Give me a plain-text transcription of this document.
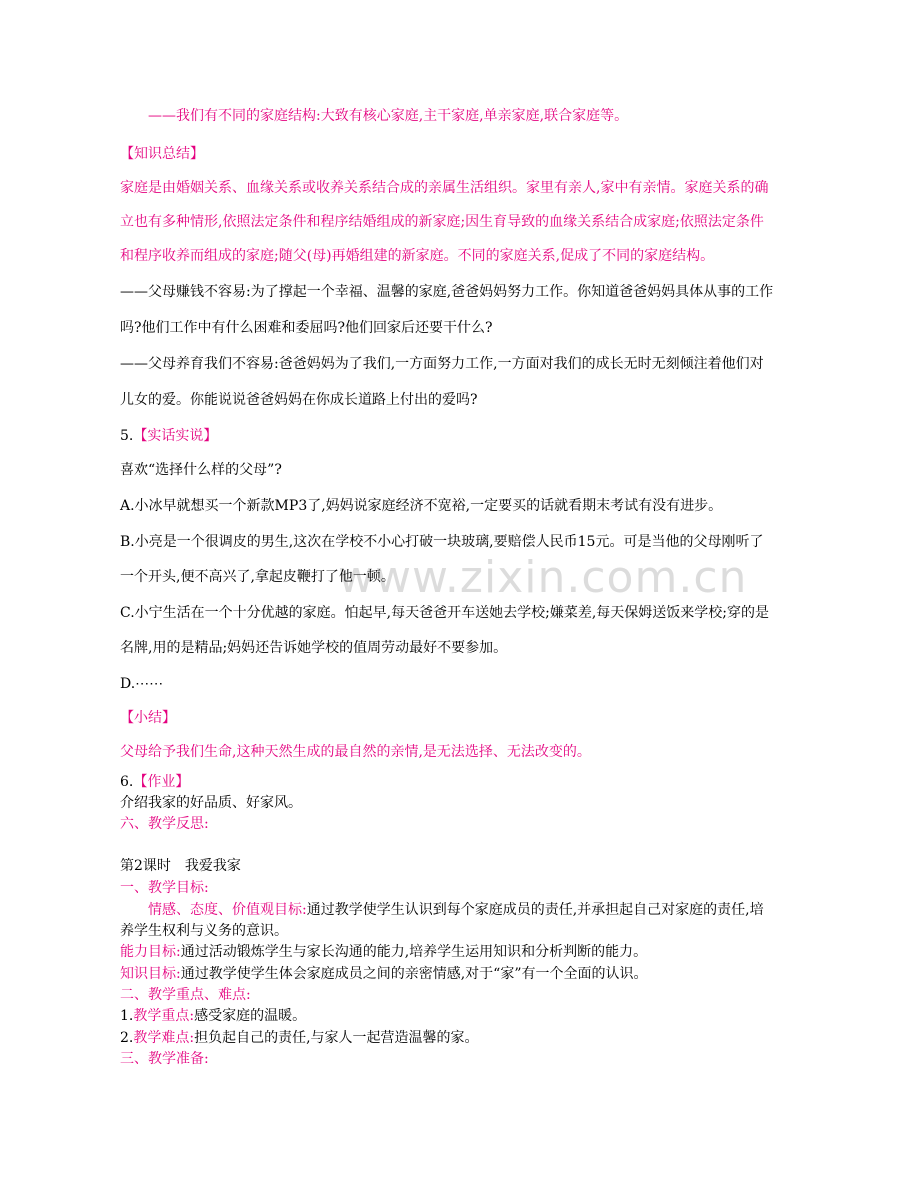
www.zixin.com.cn
——我们有不同的家庭结构:大致有核心家庭,主干家庭,单亲家庭,联合家庭等。
【知识总结】
家庭是由婚姻关系、血缘关系或收养关系结合成的亲属生活组织。家里有亲人,家中有亲情。家庭关系的确
立也有多种情形,依照法定条件和程序结婚组成的新家庭;因生育导致的血缘关系结合成家庭;依照法定条件
和程序收养而组成的家庭;随父(母)再婚组建的新家庭。不同的家庭关系,促成了不同的家庭结构。
——父母赚钱不容易:为了撑起一个幸福、温馨的家庭,爸爸妈妈努力工作。你知道爸爸妈妈具体从事的工作
吗?他们工作中有什么困难和委屈吗?他们回家后还要干什么?
——父母养育我们不容易:爸爸妈妈为了我们,一方面努力工作,一方面对我们的成长无时无刻倾注着他们对
儿女的爱。你能说说爸爸妈妈在你成长道路上付出的爱吗?
5.【实话实说】
喜欢“选择什么样的父母”?
A.小冰早就想买一个新款MP3了,妈妈说家庭经济不宽裕,一定要买的话就看期末考试有没有进步。
B.小亮是一个很调皮的男生,这次在学校不小心打破一块玻璃,要赔偿人民币15元。可是当他的父母刚听了
一个开头,便不高兴了,拿起皮鞭打了他一顿。
C.小宁生活在一个十分优越的家庭。怕起早,每天爸爸开车送她去学校;嫌菜差,每天保姆送饭来学校;穿的是
名牌,用的是精品;妈妈还告诉她学校的值周劳动最好不要参加。
D.⋯⋯
【小结】
父母给予我们生命,这种天然生成的最自然的亲情,是无法选择、无法改变的。
6.【作业】
介绍我家的好品质、好家风。
六、教学反思:
第2课时　我爱我家
一、教学目标:
情感、态度、价值观目标:通过教学使学生认识到每个家庭成员的责任,并承担起自己对家庭的责任,培
养学生权利与义务的意识。
能力目标:通过活动锻炼学生与家长沟通的能力,培养学生运用知识和分析判断的能力。
知识目标:通过教学使学生体会家庭成员之间的亲密情感,对于“家”有一个全面的认识。
二、教学重点、难点:
1.教学重点:感受家庭的温暖。
2.教学难点:担负起自己的责任,与家人一起营造温馨的家。
三、教学准备:
